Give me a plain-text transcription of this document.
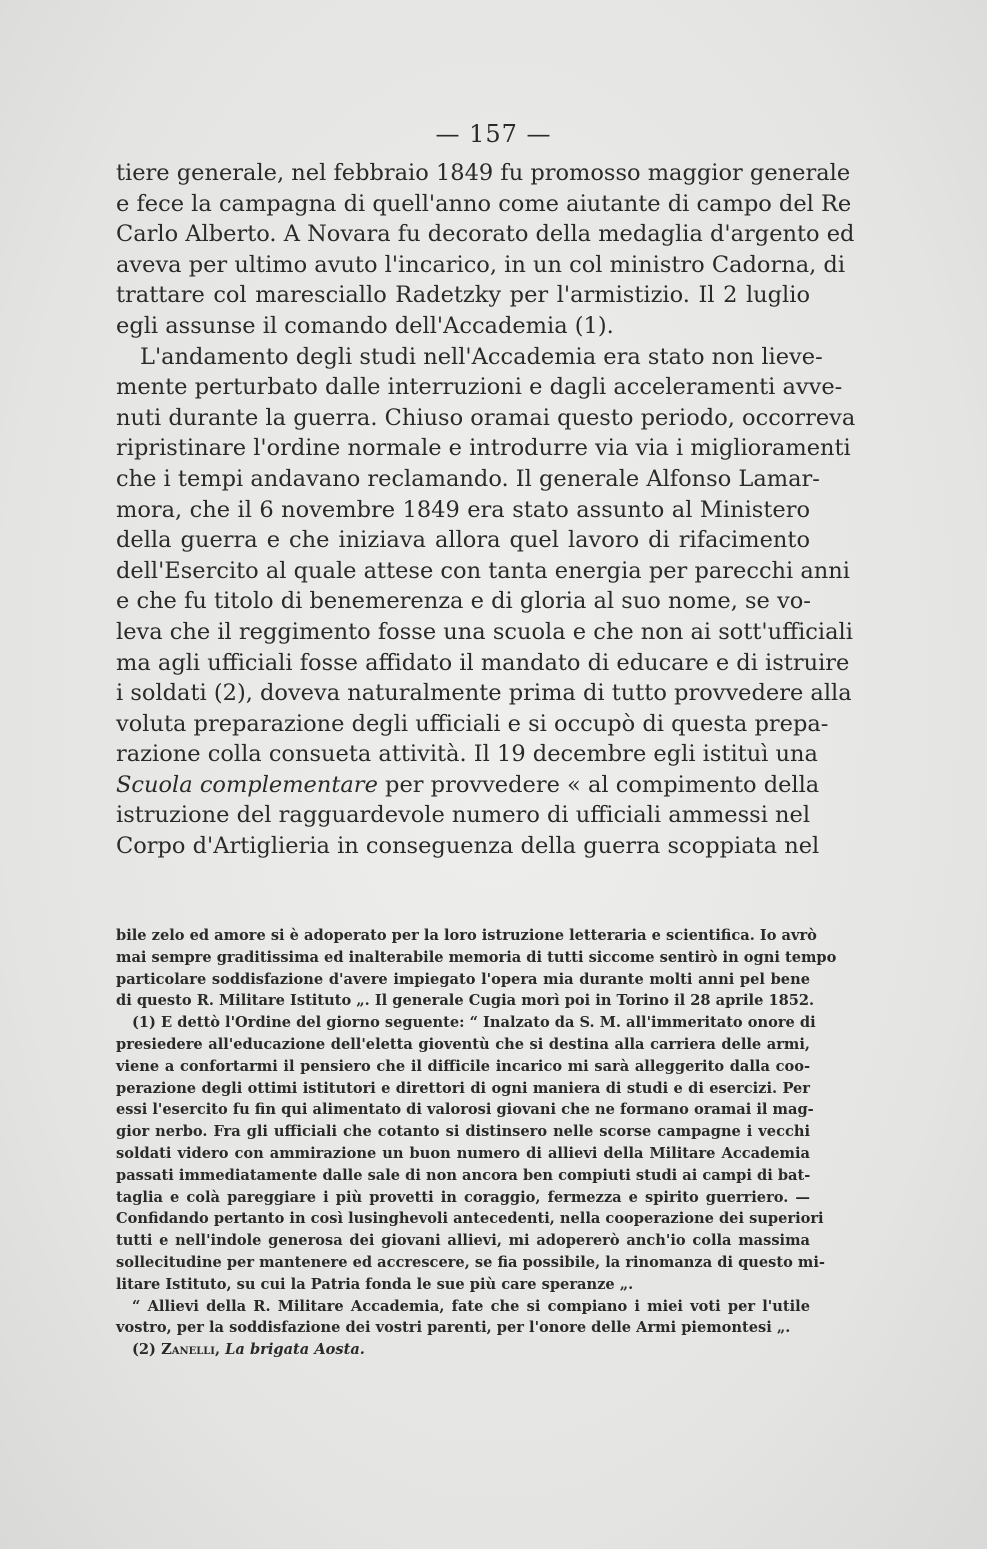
— 157 —
tiere generale, nel febbraio 1849 fu promosso maggior generale
e fece la campagna di quell'anno come aiutante di campo del Re
Carlo Alberto. A Novara fu decorato della medaglia d'argento ed
aveva per ultimo avuto l'incarico, in un col ministro Cadorna, di
trattare col maresciallo Radetzky per l'armistizio. Il 2 luglio
egli assunse il comando dell'Accademia (1).
L'andamento degli studi nell'Accademia era stato non lieve-
mente perturbato dalle interruzioni e dagli acceleramenti avve-
nuti durante la guerra. Chiuso oramai questo periodo, occorreva
ripristinare l'ordine normale e introdurre via via i miglioramenti
che i tempi andavano reclamando. Il generale Alfonso Lamar-
mora, che il 6 novembre 1849 era stato assunto al Ministero
della guerra e che iniziava allora quel lavoro di rifacimento
dell'Esercito al quale attese con tanta energia per parecchi anni
e che fu titolo di benemerenza e di gloria al suo nome, se vo-
leva che il reggimento fosse una scuola e che non ai sott'ufficiali
ma agli ufficiali fosse affidato il mandato di educare e di istruire
i soldati (2), doveva naturalmente prima di tutto provvedere alla
voluta preparazione degli ufficiali e si occupò di questa prepa-
razione colla consueta attività. Il 19 decembre egli istituì una
Scuola complementare per provvedere « al compimento della
istruzione del ragguardevole numero di ufficiali ammessi nel
Corpo d'Artiglieria in conseguenza della guerra scoppiata nel
bile zelo ed amore si è adoperato per la loro istruzione letteraria e scientifica. Io avrò
mai sempre graditissima ed inalterabile memoria di tutti siccome sentirò in ogni tempo
particolare soddisfazione d'avere impiegato l'opera mia durante molti anni pel bene
di questo R. Militare Istituto „. Il generale Cugia morì poi in Torino il 28 aprile 1852.
(1) E dettò l'Ordine del giorno seguente: “ Inalzato da S. M. all'immeritato onore di
presiedere all'educazione dell'eletta gioventù che si destina alla carriera delle armi,
viene a confortarmi il pensiero che il difficile incarico mi sarà alleggerito dalla coo-
perazione degli ottimi istitutori e direttori di ogni maniera di studi e di esercizi. Per
essi l'esercito fu fin qui alimentato di valorosi giovani che ne formano oramai il mag-
gior nerbo. Fra gli ufficiali che cotanto si distinsero nelle scorse campagne i vecchi
soldati videro con ammirazione un buon numero di allievi della Militare Accademia
passati immediatamente dalle sale di non ancora ben compiuti studi ai campi di bat-
taglia e colà pareggiare i più provetti in coraggio, fermezza e spirito guerriero. —
Confidando pertanto in così lusinghevoli antecedenti, nella cooperazione dei superiori
tutti e nell'indole generosa dei giovani allievi, mi adopererò anch'io colla massima
sollecitudine per mantenere ed accrescere, se fia possibile, la rinomanza di questo mi-
litare Istituto, su cui la Patria fonda le sue più care speranze „.
“ Allievi della R. Militare Accademia, fate che si compiano i miei voti per l'utile
vostro, per la soddisfazione dei vostri parenti, per l'onore delle Armi piemontesi „.
(2) Zanelli, La brigata Aosta.
